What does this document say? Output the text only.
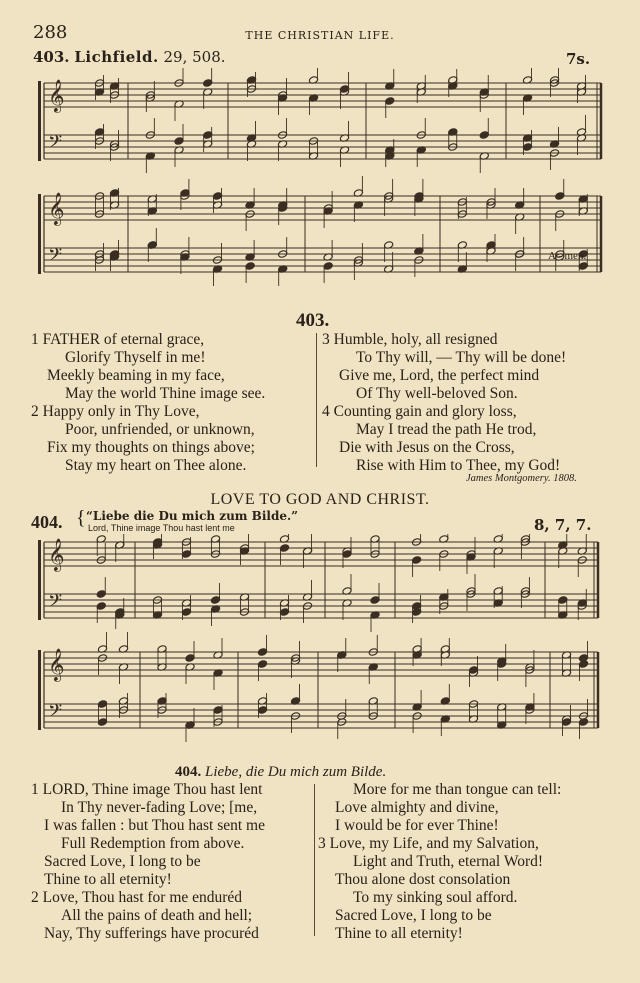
288	THE CHRISTIAN LIFE.
403. Lichfield. 29, 508.	7s.
𝄞
𝄢
𝄞
𝄢	A - men.
403.
1 FATHER of eternal grace,
Glorify Thyself in me!
Meekly beaming in my face,
May the world Thine image see.
2 Happy only in Thy Love,
Poor, unfriended, or unknown,
Fix my thoughts on things above;
Stay my heart on Thee alone.
3 Humble, holy, all resigned
To Thy will, — Thy will be done!
Give me, Lord, the perfect mind
Of Thy well-beloved Son.
4 Counting gain and glory loss,
May I tread the path He trod,
Die with Jesus on the Cross,
Rise with Him to Thee, my God!
James Montgomery. 1808.
LOVE TO GOD AND CHRIST.
404. { “Liebe die Du mich zum Bilde.”
Lord, Thine image Thou hast lent me	8, 7, 7.
𝄞
𝄢
𝄞
𝄢
404. Liebe, die Du mich zum Bilde.
1 LORD, Thine image Thou hast lent
In Thy never-fading Love; [me,
I was fallen : but Thou hast sent me
Full Redemption from above.
Sacred Love, I long to be
Thine to all eternity!
2 Love, Thou hast for me enduréd
All the pains of death and hell;
Nay, Thy sufferings have procuréd
More for me than tongue can tell:
Love almighty and divine,
I would be for ever Thine!
3 Love, my Life, and my Salvation,
Light and Truth, eternal Word!
Thou alone dost consolation
To my sinking soul afford.
Sacred Love, I long to be
Thine to all eternity!
